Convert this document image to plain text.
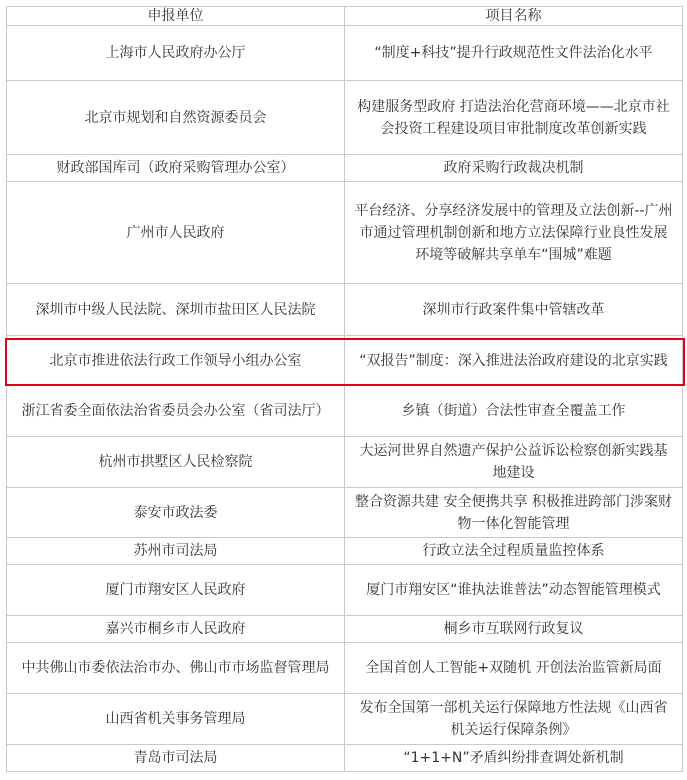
申报单位	项目名称
上海市人民政府办公厅	“制度+科技”提升行政规范性文件法治化水平
北京市规划和自然资源委员会	构建服务型政府 打造法治化营商环境——北京市社会投资工程建设项目审批制度改革创新实践
财政部国库司（政府采购管理办公室）	政府采购行政裁决机制
广州市人民政府	平台经济、分享经济发展中的管理及立法创新--广州市通过管理机制创新和地方立法保障行业良性发展环境等破解共享单车“围城”难题
深圳市中级人民法院、深圳市盐田区人民法院	深圳市行政案件集中管辖改革
北京市推进依法行政工作领导小组办公室	“双报告”制度：深入推进法治政府建设的北京实践
浙江省委全面依法治省委员会办公室（省司法厅）	乡镇（街道）合法性审查全覆盖工作
杭州市拱墅区人民检察院	大运河世界自然遗产保护公益诉讼检察创新实践基地建设
泰安市政法委	整合资源共建 安全便携共享 积极推进跨部门涉案财物一体化智能管理
苏州市司法局	行政立法全过程质量监控体系
厦门市翔安区人民政府	厦门市翔安区“谁执法谁普法”动态智能管理模式
嘉兴市桐乡市人民政府	桐乡市互联网行政复议
中共佛山市委依法治市办、佛山市市场监督管理局	全国首创人工智能+双随机 开创法治监管新局面
山西省机关事务管理局	发布全国第一部机关运行保障地方性法规《山西省机关运行保障条例》
青岛市司法局	“1+1+N”矛盾纠纷排查调处新机制
